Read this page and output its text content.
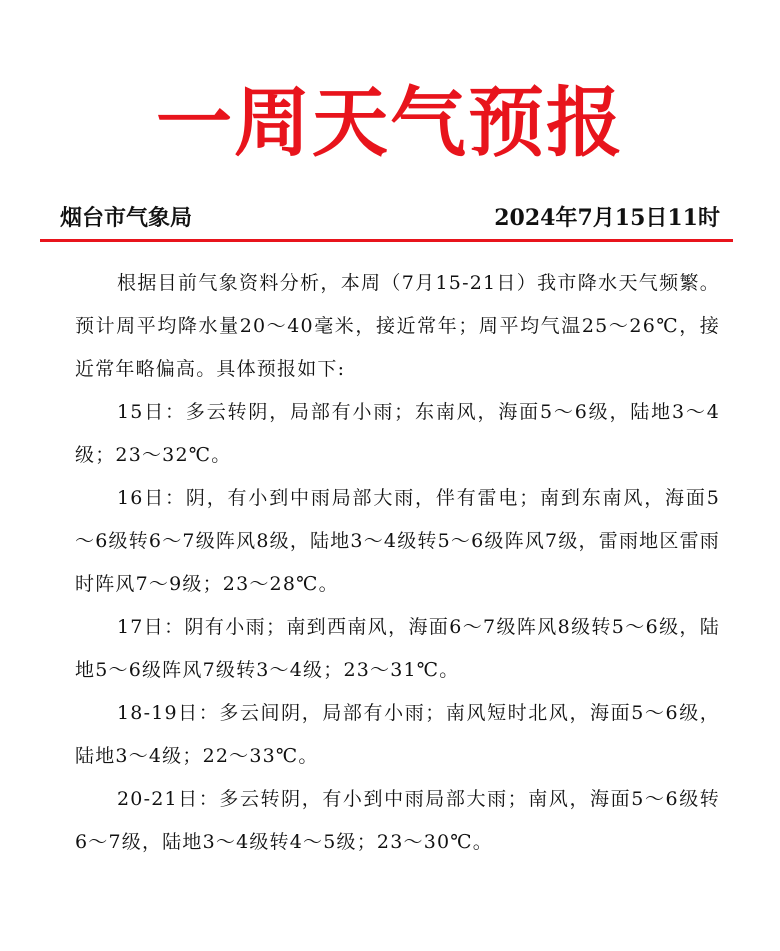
一周天气预报
烟台市气象局	2024年7月15日11时

根据目前气象资料分析，本周（7月15-21日）我市降水天气频繁。预计周平均降水量20～40毫米，接近常年；周平均气温25～26℃，接近常年略偏高。具体预报如下:

15日：多云转阴，局部有小雨；东南风，海面5～6级，陆地3～4级；23～32℃。

16日：阴，有小到中雨局部大雨，伴有雷电；南到东南风，海面5～6级转6～7级阵风8级，陆地3～4级转5～6级阵风7级，雷雨地区雷雨时阵风7～9级；23～28℃。

17日：阴有小雨；南到西南风，海面6～7级阵风8级转5～6级，陆地5～6级阵风7级转3～4级；23～31℃。

18-19日：多云间阴，局部有小雨；南风短时北风，海面5～6级，陆地3～4级；22～33℃。

20-21日：多云转阴，有小到中雨局部大雨；南风，海面5～6级转6～7级，陆地3～4级转4～5级；23～30℃。
